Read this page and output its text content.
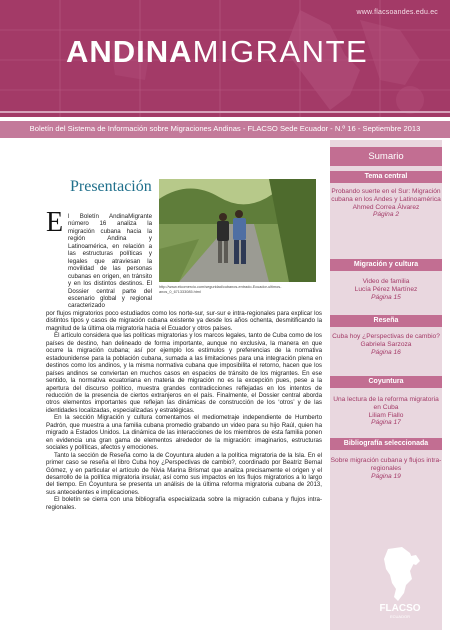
www.flacsoandes.edu.ec
ANDINAMIGRANTE
Boletín del Sistema de Información sobre Migraciones Andinas - FLACSO Sede Ecuador - N.º 16 - Septiembre 2013
Presentación
http://www.elcomercio.com/seguridad/cubanos-entrado-Ecuador-ultimos-anos_0_671333085.html
E l Boletín AndinaMigrante número 16 analiza la migración cubana hacia la región Andina y Latinoamérica, en relación a las estructuras políticas y legales que atraviesan la movilidad de las personas cubanas en origen, en tránsito y en los distintos destinos. El Dossier central parte del escenario global y regional caracterizado

por flujos migratorios poco estudiados como los norte-sur, sur-sur e intra-regionales para explicar los distintos tipos y casos de migración cubana existente ya desde los años ochenta, desmitificando la magnitud de la última ola migratoria hacia el Ecuador y otros países.

El artículo considera que las políticas migratorias y los marcos legales, tanto de Cuba como de los países de destino, han delineado de forma importante, aunque no exclusiva, la manera en que ocurre la migración cubana; así por ejemplo los estímulos y preferencias de la normativa estadounidense para la población cubana, sumada a las limitaciones para una integración plena en destinos como los andinos, y la misma normativa cubana que imposibilita el retorno, hacen que los países andinos se conviertan en muchos casos en espacios de tránsito de los migrantes. En ese sentido, la normativa ecuatoriana en materia de migración no es la excepción pues, pese a la apertura del discurso político, muestra grandes contradicciones reflejadas en los intentos de reducción de la presencia de ciertos extranjeros en el país. Finalmente, el Dossier central aborda otros elementos importantes que reflejan las dinámicas de construcción de los ‘otros’ y de las identidades localizadas, especializadas y estratégicas.

En la sección Migración y cultura comentamos el mediometraje independiente de Humberto Padrón, que muestra a una familia cubana promedio grabando un video para su hijo Raúl, quien ha migrado a Estados Unidos. La dinámica de las interacciones de los miembros de esta familia ponen en evidencia una gran gama de elementos alrededor de la migración: imaginarios, estructuras sociales y políticas, afectos y emociones.

Tanto la sección de Reseña como la de Coyuntura aluden a la política migratoria de la Isla. En el primer caso se reseña el libro Cuba hoy ¿Perspectivas de cambio?, coordinado por Beatriz Bernal Gómez, y en particular el artículo de Nivia Marina Brismat que analiza precisamente el origen y el desarrollo de la política migratoria insular, así como sus impactos en los flujos migratorios a lo largo del tiempo. En Coyuntura se presenta un análisis de la última reforma migratoria cubana de 2013, sus antecedentes e implicaciones.

El boletín se cierra con una bibliografía especializada sobre la migración cubana y flujos intra-regionales.

Sumario
Tema central
Probando suerte en el Sur: Migración cubana en los Andes y Latinoamérica
Ahmed Correa Álvarez
Página 2
Migración y cultura
Video de familia
Lucía Pérez Martínez
Página 15
Reseña
Cuba hoy ¿Perspectivas de cambio?
Gabriela Sarzoza
Página 16
Coyuntura
Una lectura de la reforma migratoria en Cuba
Liliam Fiallo
Página 17
Bibliografía seleccionada
Sobre migración cubana y flujos intra-regionales
Página 19
FLACSO
ECUADOR
